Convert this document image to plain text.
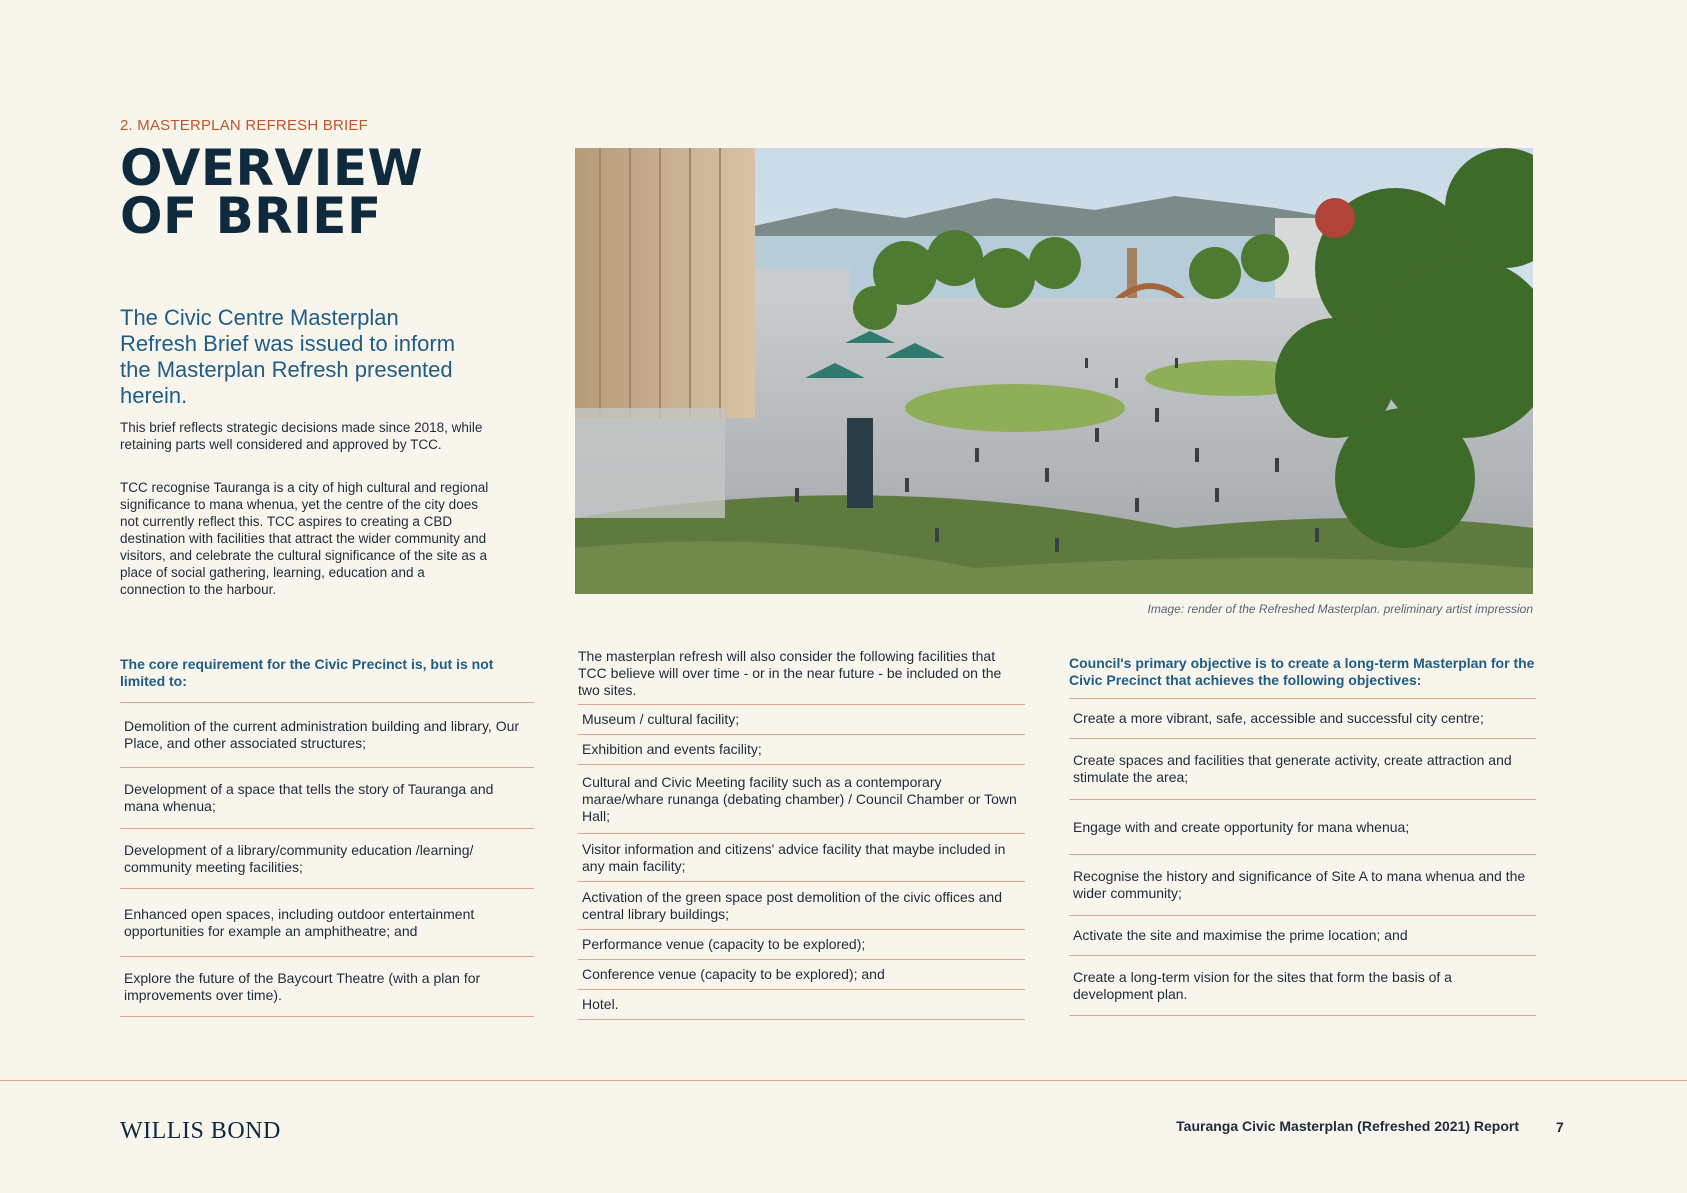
2. MASTERPLAN REFRESH BRIEF
OVERVIEW
OF BRIEF
The Civic Centre Masterplan Refresh Brief was issued to inform the Masterplan Refresh presented herein.
This brief reflects strategic decisions made since 2018, while retaining parts well considered and approved by TCC.
TCC recognise Tauranga is a city of high cultural and regional significance to mana whenua, yet the centre of the city does not currently reflect this. TCC aspires to creating a CBD destination with facilities that attract the wider community and visitors, and celebrate the cultural significance of the site as a place of social gathering, learning, education and a connection to the harbour.
Image: render of the Refreshed Masterplan. preliminary artist impression
The core requirement for the Civic Precinct is, but is not limited to:
Demolition of the current administration building and library, Our Place, and other associated structures;
Development of a space that tells the story of Tauranga and mana whenua;
Development of a library/community education /learning/ community meeting facilities;
Enhanced open spaces, including outdoor entertainment opportunities for example an amphitheatre; and
Explore the future of the Baycourt Theatre (with a plan for improvements over time).
The masterplan refresh will also consider the following facilities that TCC believe will over time - or in the near future - be included on the two sites.
Museum / cultural facility;
Exhibition and events facility;
Cultural and Civic Meeting facility such as a contemporary marae/whare runanga (debating chamber) / Council Chamber or Town Hall;
Visitor information and citizens' advice facility that maybe included in any main facility;
Activation of the green space post demolition of the civic offices and central library buildings;
Performance venue (capacity to be explored);
Conference venue (capacity to be explored); and
Hotel.
Council's primary objective is to create a long-term Masterplan for the Civic Precinct that achieves the following objectives:
Create a more vibrant, safe, accessible and successful city centre;
Create spaces and facilities that generate activity, create attraction and stimulate the area;
Engage with and create opportunity for mana whenua;
Recognise the history and significance of Site A to mana whenua and the wider community;
Activate the site and maximise the prime location; and
Create a long-term vision for the sites that form the basis of a development plan.
WILLIS BOND	Tauranga Civic Masterplan (Refreshed 2021) Report	7
